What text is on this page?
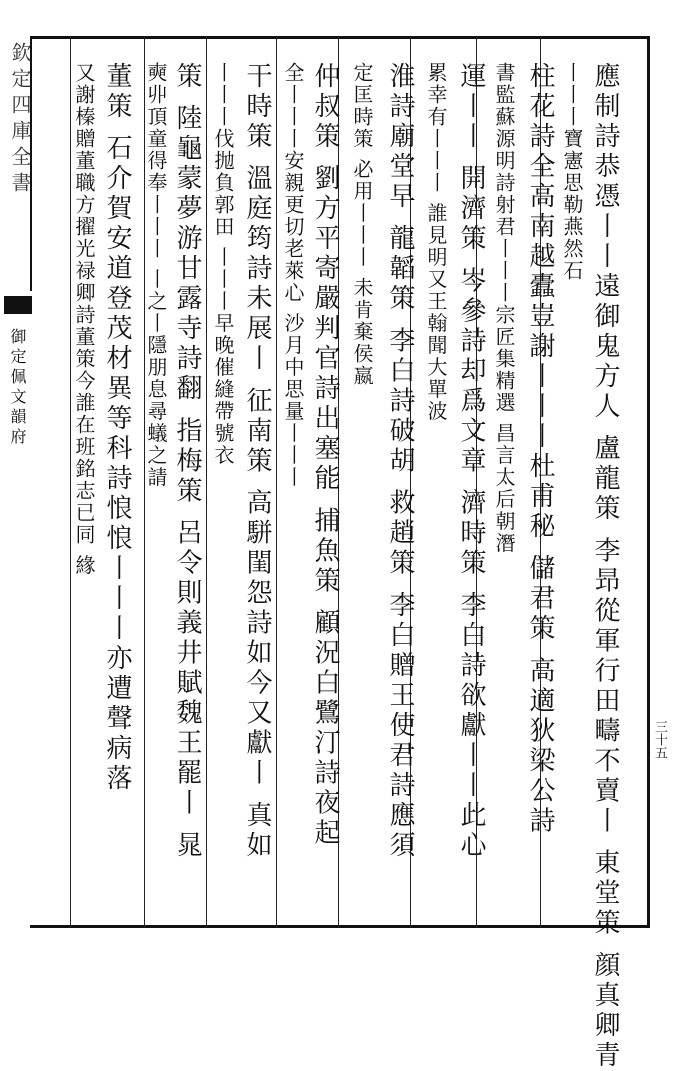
欽定四庫全書
御定佩文韻府	應制詩恭憑丨丨遠御鬼方人 盧龍策 李昻從軍行田疇不賣丨 東堂策 顔真卿青
丨丨丨寶憲思勒燕然石
柱花詩全高南越蠹豈謝丨丨丨杜甫秘 儲君策 高適狄梁公詩
書監蘇源明詩射君丨丨丨宗匠集精選 昌言太后朝潛
運丨丨 開濟策 岑參詩却爲文章 濟時策 李白詩欲獻丨丨此心
累幸有丨丨丨 誰見明又王翰聞大單波
淮詩廟堂早 龍韜策 李白詩破胡 救趙策 李白贈王使君詩應須
定匡時策 必用丨丨丨 未肯棄侯嬴
仲叔策 劉方平寄嚴判官詩出塞能 捕魚策 顧況白鷺汀詩夜起
全丨丨丨安親更切老萊心 沙月中思量丨丨丨
干時策 溫庭筠詩未展丨 征南策 高駢閨怨詩如今又獻丨 真如
丨丨丨伐抛負郭田 丨丨丨早晚催縫帶號衣
策 陸龜蒙夢游甘露寺詩翻 指梅策 呂令則義井賦魏王罷丨 晁
奭丱頂童得奉丨丨丨 丨之丨隱朋息尋蟻之請
董策 石介賀安道登茂材異等科詩悢悢丨丨丨亦遭聲病落
又謝榛贈董職方擢光禄卿詩董策今誰在班銘志已同 緣
三十五
